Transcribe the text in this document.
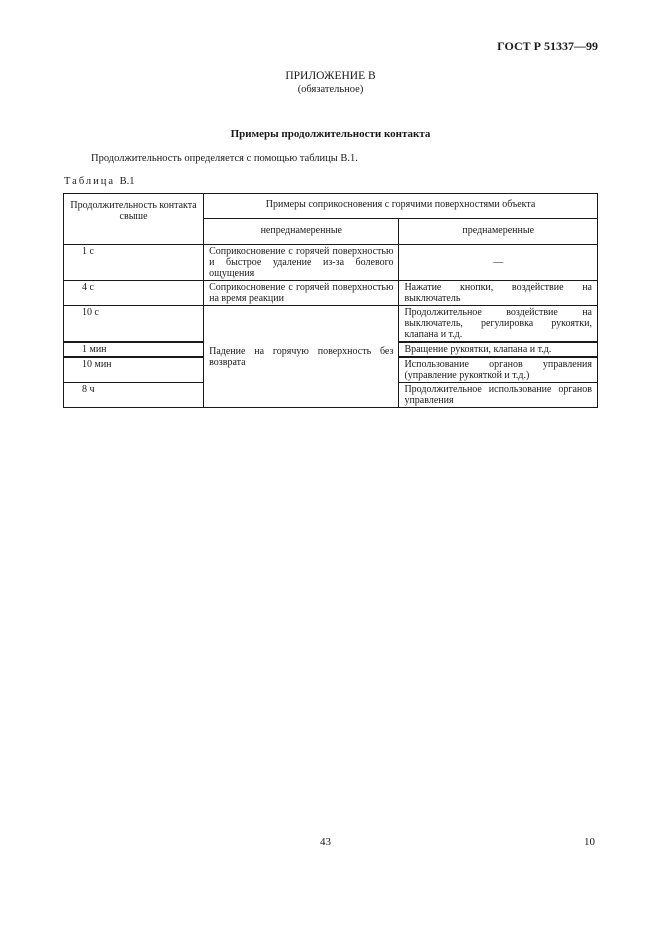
ГОСТ Р 51337—99
ПРИЛОЖЕНИЕ В
(обязательное)
Примеры продолжительности контакта
Продолжительность определяется с помощью таблицы В.1.
Таблица В.1
Продолжительность контакта свыше	Примеры соприкосновения с горячими поверхностями объекта	
	непреднамеренные	преднамеренные
1 с	Соприкосновение с горячей поверхностью и быстрое удаление из-за болевого ощущения	—
4 с	Соприкосновение с горячей поверхностью на время реакции	Нажатие кнопки, воздействие на выключатель
10 с	Падение на горячую поверхность без возврата	Продолжительное воздействие на выключатель, регулировка рукоятки, клапана и т.д.
1 мин		Вращение рукоятки, клапана и т.д.
10 мин		Использование органов управления (управление рукояткой и т.д.)
8 ч		Продолжительное использование органов управления
43	10
